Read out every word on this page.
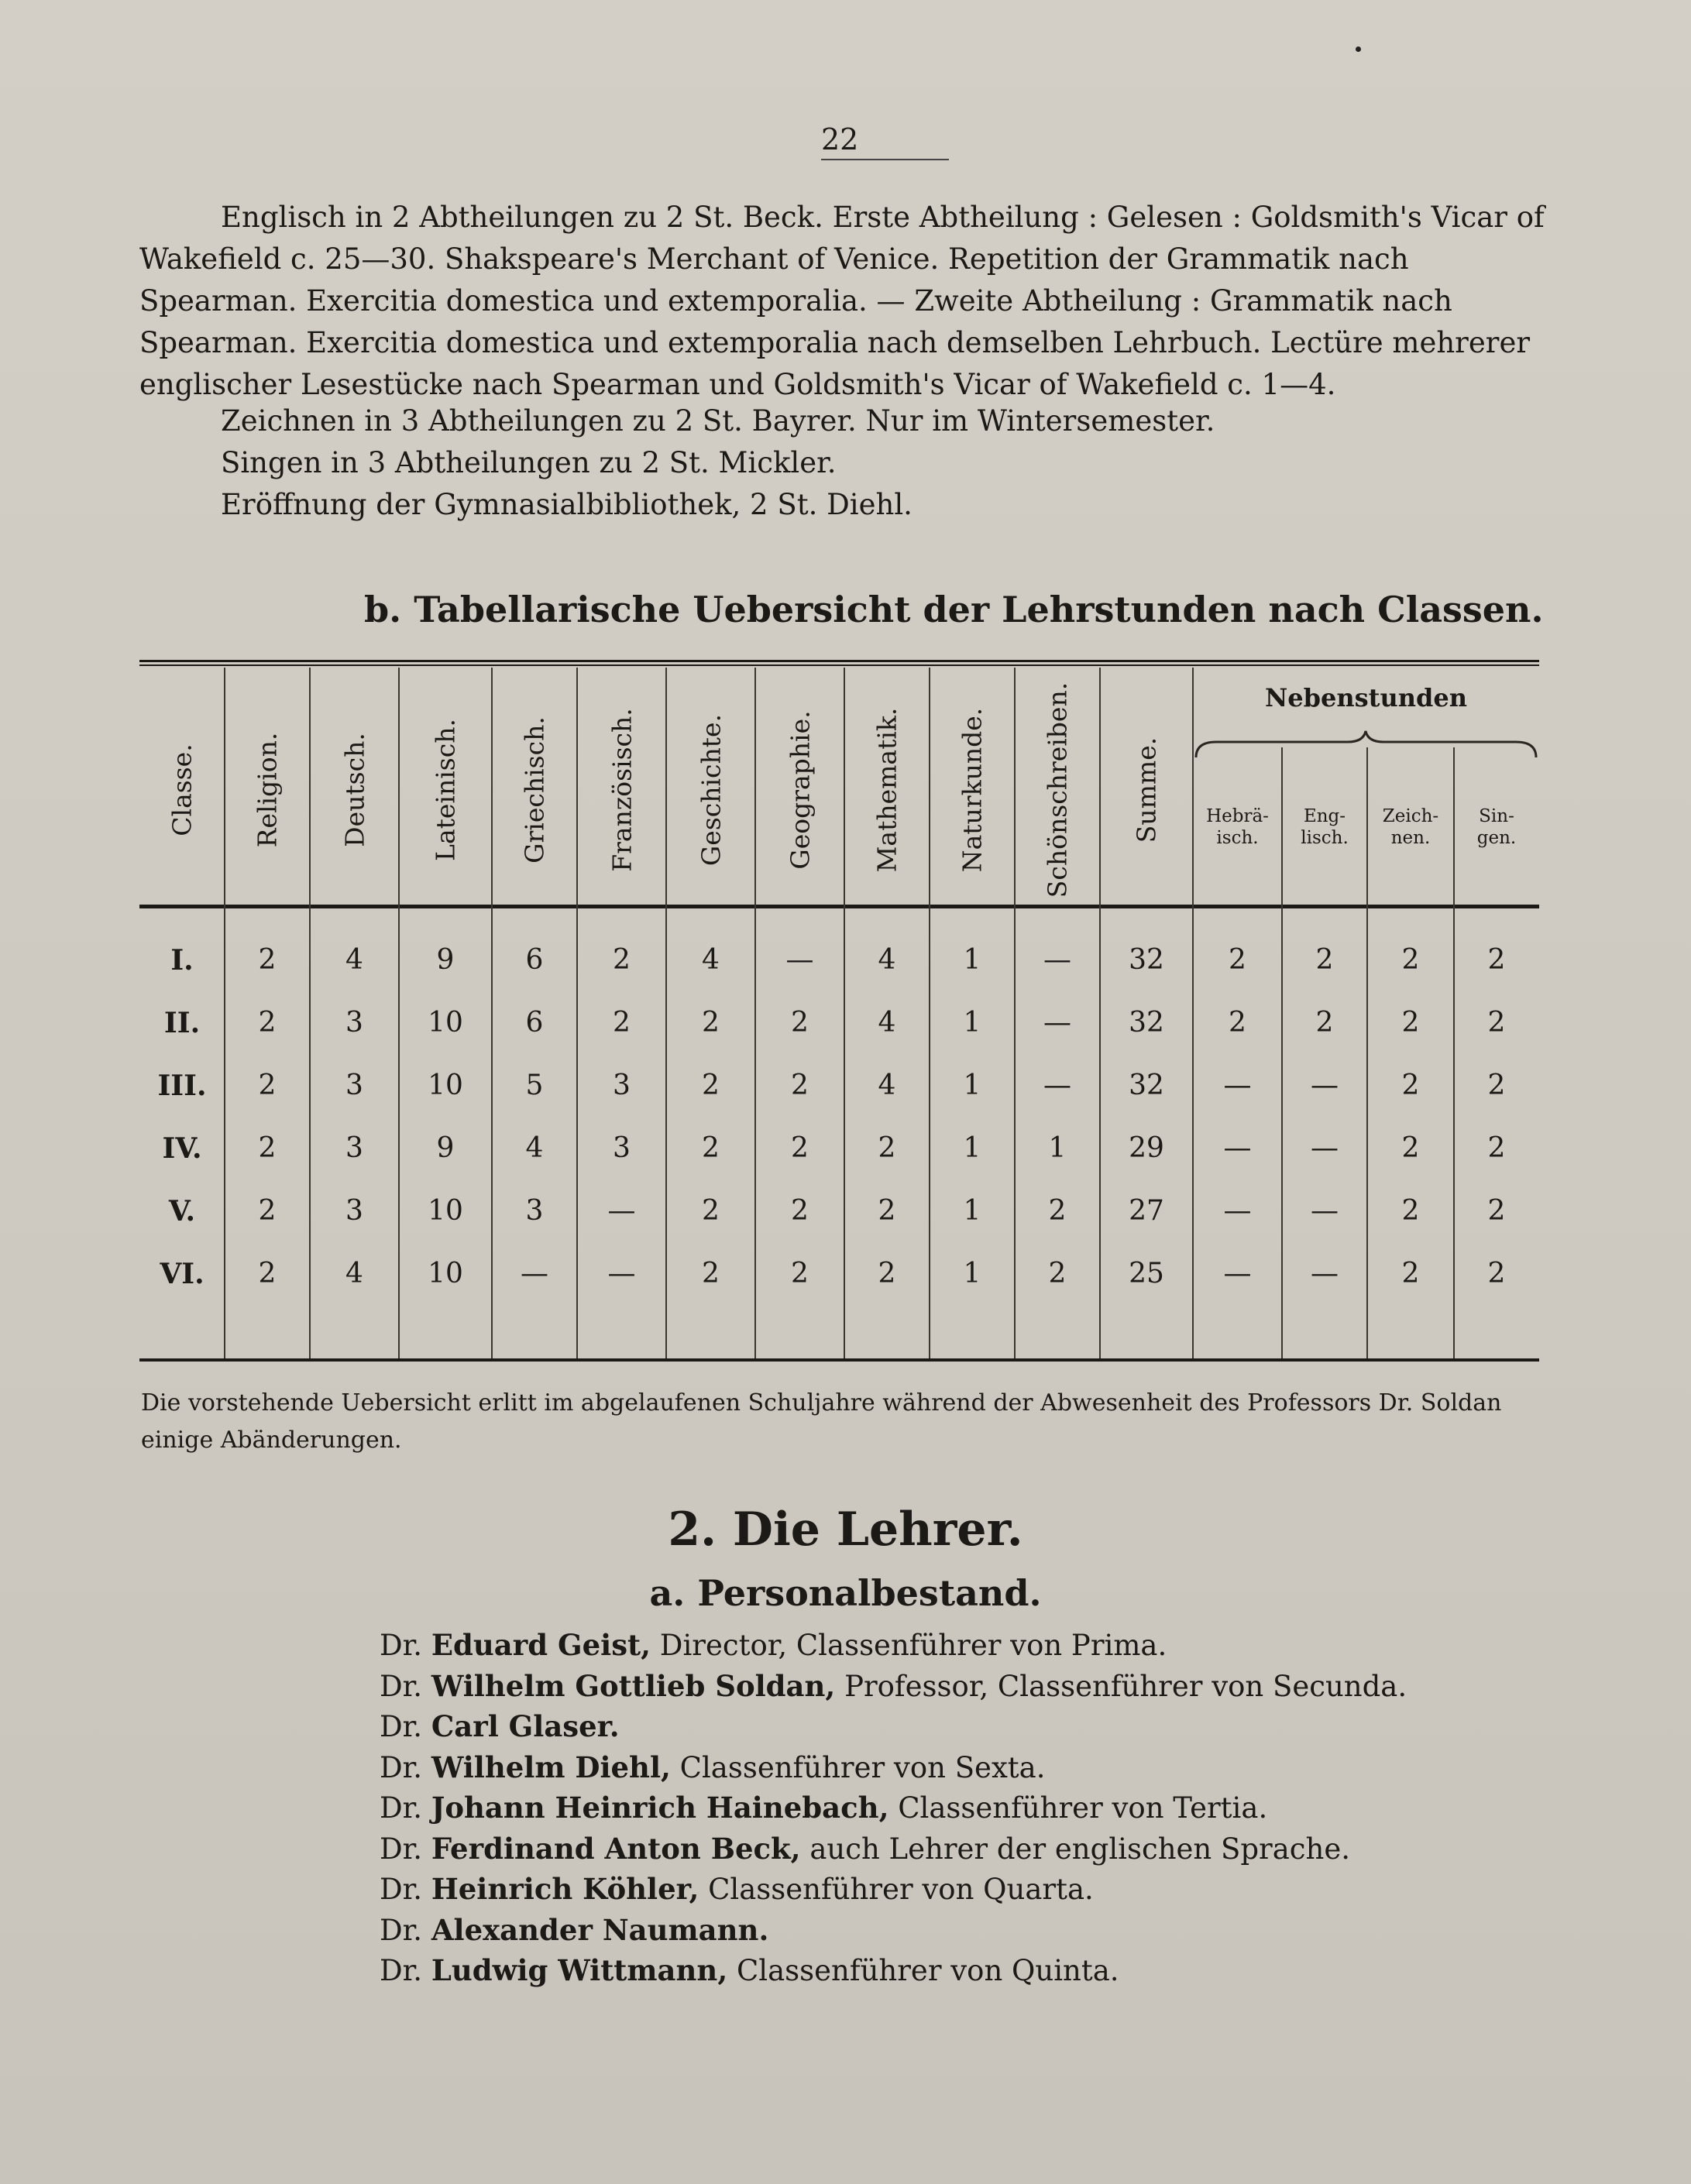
22
Englisch in 2 Abtheilungen zu 2 St. Beck. Erste Abtheilung : Gelesen : Goldsmith's Vicar of Wakefield c. 25—30. Shakspeare's Merchant of Venice. Repetition der Grammatik nach Spearman. Exercitia domestica und extemporalia. — Zweite Abtheilung : Grammatik nach Spearman. Exercitia domestica und extemporalia nach demselben Lehrbuch. Lectüre mehrerer englischer Lesestücke nach Spearman und Goldsmith's Vicar of Wakefield c. 1—4.
Zeichnen in 3 Abtheilungen zu 2 St. Bayrer. Nur im Wintersemester.
Singen in 3 Abtheilungen zu 2 St. Mickler.
Eröffnung der Gymnasialbibliothek, 2 St. Diehl.
b. Tabellarische Uebersicht der Lehrstunden nach Classen.
Classe. Religion. Deutsch. Lateinisch. Griechisch. Französisch. Geschichte. Geographie. Mathematik. Naturkunde. Schönschreiben. Summe.
Nebenstunden
Hebrä-
isch.
Eng-
lisch.
Zeich-
nen.
Sin-
gen.
I.	2	4	9	6	2	4	—	4	1	—	32	2	2	2	2
II.	2	3	10	6	2	2	2	4	1	—	32	2	2	2	2
III.	2	3	10	5	3	2	2	4	1	—	32	—	—	2	2
IV.	2	3	9	4	3	2	2	2	1	1	29	—	—	2	2
V.	2	3	10	3	—	2	2	2	1	2	27	—	—	2	2
VI.	2	4	10	—	—	2	2	2	1	2	25	—	—	2	2
Die vorstehende Uebersicht erlitt im abgelaufenen Schuljahre während der Abwesenheit des Professors Dr. Soldan einige Abänderungen.
2. Die Lehrer.
a. Personalbestand.
Dr. Eduard Geist, Director, Classenführer von Prima.
Dr. Wilhelm Gottlieb Soldan, Professor, Classenführer von Secunda.
Dr. Carl Glaser.
Dr. Wilhelm Diehl, Classenführer von Sexta.
Dr. Johann Heinrich Hainebach, Classenführer von Tertia.
Dr. Ferdinand Anton Beck, auch Lehrer der englischen Sprache.
Dr. Heinrich Köhler, Classenführer von Quarta.
Dr. Alexander Naumann.
Dr. Ludwig Wittmann, Classenführer von Quinta.
